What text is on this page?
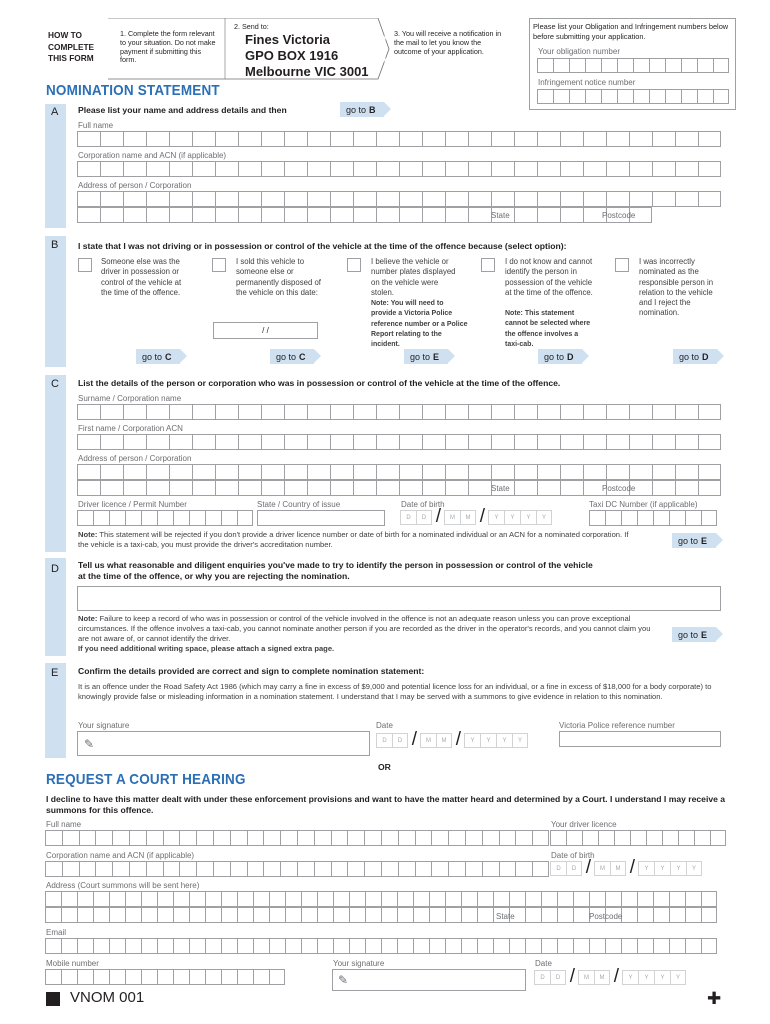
HOW TO COMPLETE THIS FORM
1. Complete the form relevant to your situation. Do not make payment if submitting this form.
2. Send to:
Fines Victoria
GPO BOX 1916
Melbourne VIC 3001
3. You will receive a notification in the mail to let you know the outcome of your application.
Please list your Obligation and Infringement numbers below before submitting your application.
Your obligation number
Infringement notice number
NOMINATION STATEMENT
A Please list your name and address details and then	go to B
Full name
Corporation name and ACN (if applicable)
Address of person / Corporation
State	Postcode
B I state that I was not driving or in possession or control of the vehicle at the time of the offence because (select option):
Someone else was the driver in possession or control of the vehicle at the time of the offence.
I sold this vehicle to someone else or permanently disposed of the vehicle on this date:
/ /
I believe the vehicle or number plates displayed on the vehicle were stolen.
Note: You will need to provide a Victoria Police reference number or a Police Report relating to the incident.
I do not know and cannot identify the person in possession of the vehicle at the time of the offence.
Note: This statement cannot be selected where the offence involves a taxi-cab.
I was incorrectly nominated as the responsible person in relation to the vehicle and I reject the nomination.
go to C	go to C	go to E	go to D	go to D
C List the details of the person or corporation who was in possession or control of the vehicle at the time of the offence.
Surname / Corporation name
First name / Corporation ACN
Address of person / Corporation
State	Postcode
Driver licence / Permit Number	State / Country of issue	Date of birth	Taxi DC Number (if applicable)
D	D /	M	M /	Y	Y	Y	Y
Note: This statement will be rejected if you don't provide a driver licence number or date of birth for a nominated individual or an ACN for a nominated corporation. If the vehicle is a taxi-cab, you must provide the driver's accreditation number.	go to E
D Tell us what reasonable and diligent enquiries you've made to try to identify the person in possession or control of the vehicle
at the time of the offence, or why you are rejecting the nomination.
Note: Failure to keep a record of who was in possession or control of the vehicle involved in the offence is not an adequate reason unless you can prove exceptional circumstances. If the offence involves a taxi-cab, you cannot nominate another person if you are recorded as the driver in the operator's records, and you cannot claim you are not aware of, or cannot identify the driver.
If you need additional writing space, please attach a signed extra page.
go to E
E Confirm the details provided are correct and sign to complete nomination statement:
It is an offence under the Road Safety Act 1986 (which may carry a fine in excess of $9,000 and potential licence loss for an individual, or a fine in excess of $18,000 for a body corporate) to knowingly provide false or misleading information in a nomination statement. I understand that I may be served with a summons to give evidence in relation to this nomination.
Your signature
✎
Date
D	D /	M	M /	Y	Y	Y	Y
Victoria Police reference number
OR
REQUEST A COURT HEARING
I decline to have this matter dealt with under these enforcement provisions and want to have the matter heard and determined by a Court. I understand I may receive a summons for this offence.
Full name	Your driver licence
Corporation name and ACN (if applicable)	Date of birth
D	D /	M	M /	Y	Y	Y	Y
Address (Court summons will be sent here)
State	Postcode
Email
Mobile number	Your signature
✎
Date
D	D /	M	M /	Y	Y	Y	Y
VNOM 001	✚
